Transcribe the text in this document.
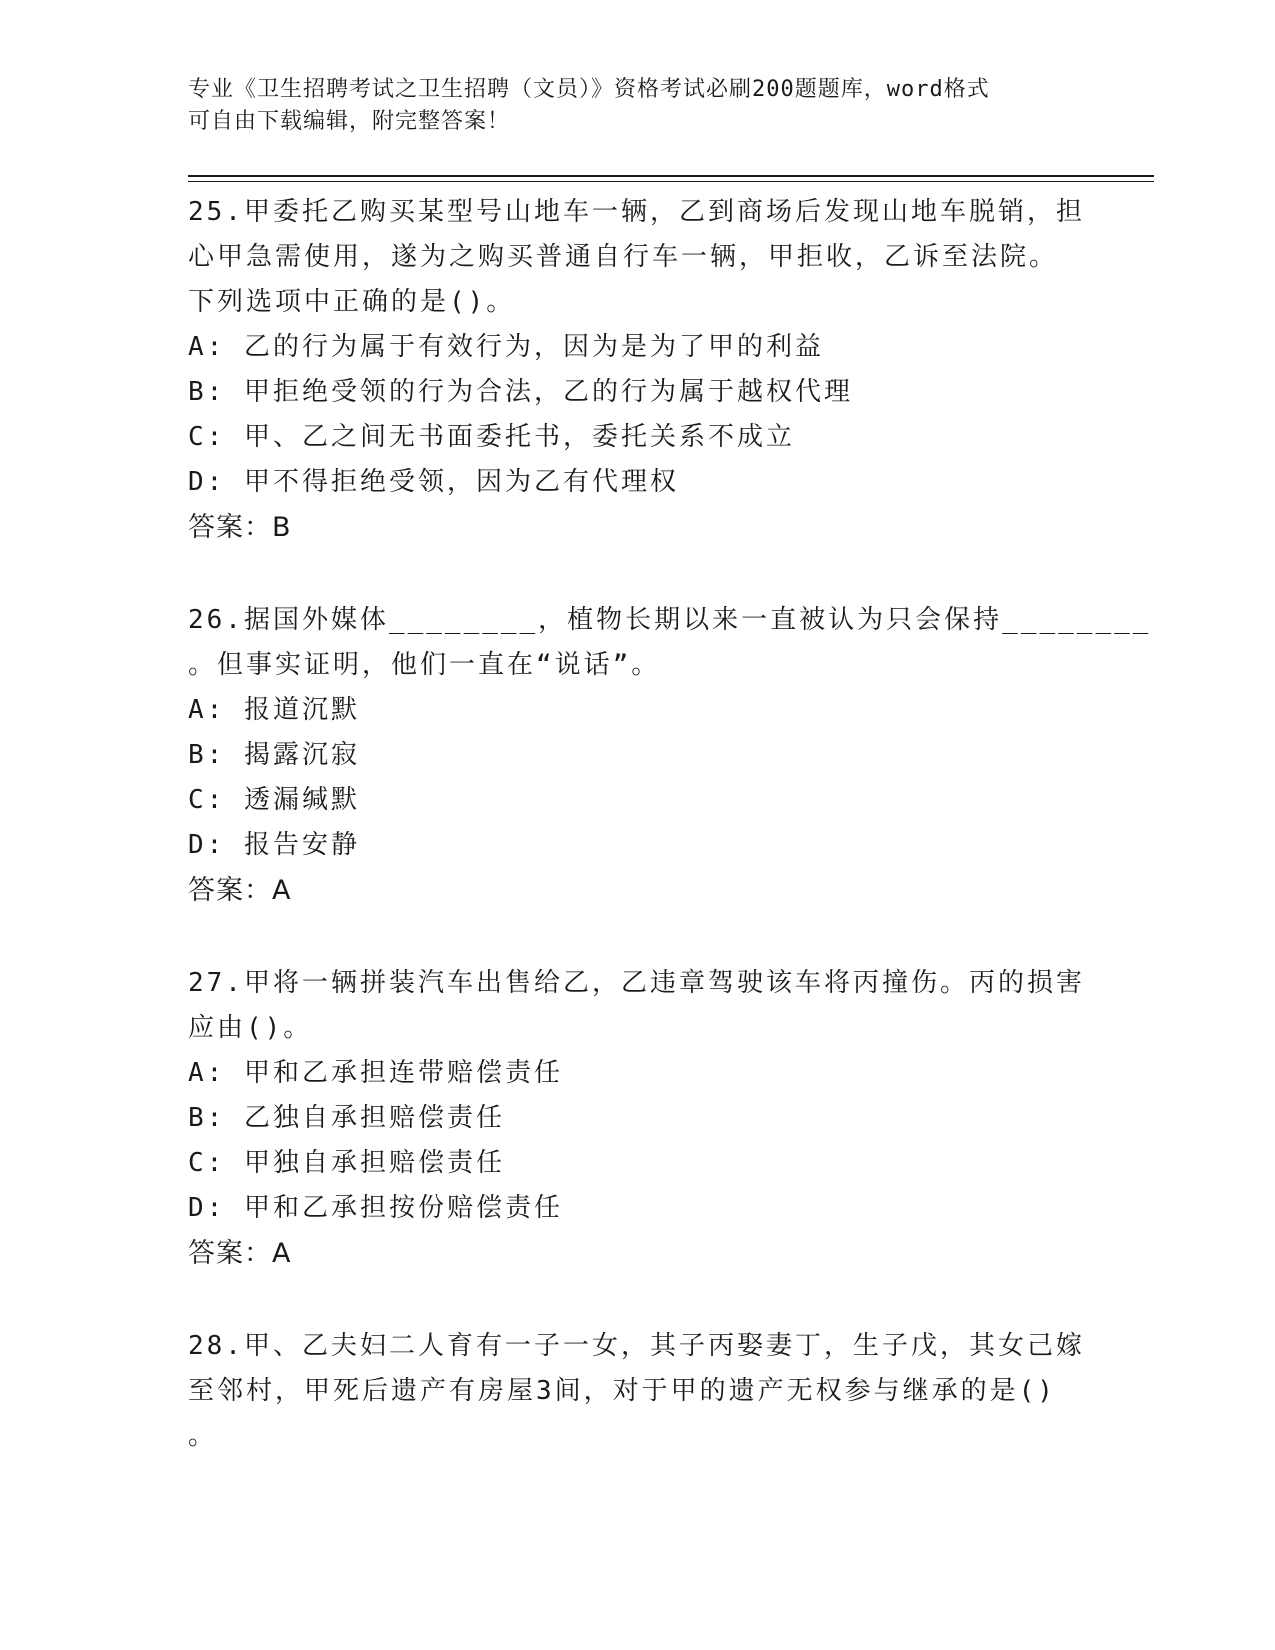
专业《卫生招聘考试之卫生招聘（文员）》资格考试必刷200题题库，word格式
可自由下载编辑，附完整答案！
25.甲委托乙购买某型号山地车一辆，乙到商场后发现山地车脱销，担
心甲急需使用，遂为之购买普通自行车一辆，甲拒收，乙诉至法院。
下列选项中正确的是()。
A: 乙的行为属于有效行为，因为是为了甲的利益
B: 甲拒绝受领的行为合法，乙的行为属于越权代理
C: 甲、乙之间无书面委托书，委托关系不成立
D: 甲不得拒绝受领，因为乙有代理权
答案：B
26.据国外媒体________，植物长期以来一直被认为只会保持________
。但事实证明，他们一直在“说话”。
A: 报道沉默
B: 揭露沉寂
C: 透漏缄默
D: 报告安静
答案：A
27.甲将一辆拼装汽车出售给乙，乙违章驾驶该车将丙撞伤。丙的损害
应由()。
A: 甲和乙承担连带赔偿责任
B: 乙独自承担赔偿责任
C: 甲独自承担赔偿责任
D: 甲和乙承担按份赔偿责任
答案：A
28.甲、乙夫妇二人育有一子一女，其子丙娶妻丁，生子戊，其女己嫁
至邻村，甲死后遗产有房屋3间，对于甲的遗产无权参与继承的是()
。
